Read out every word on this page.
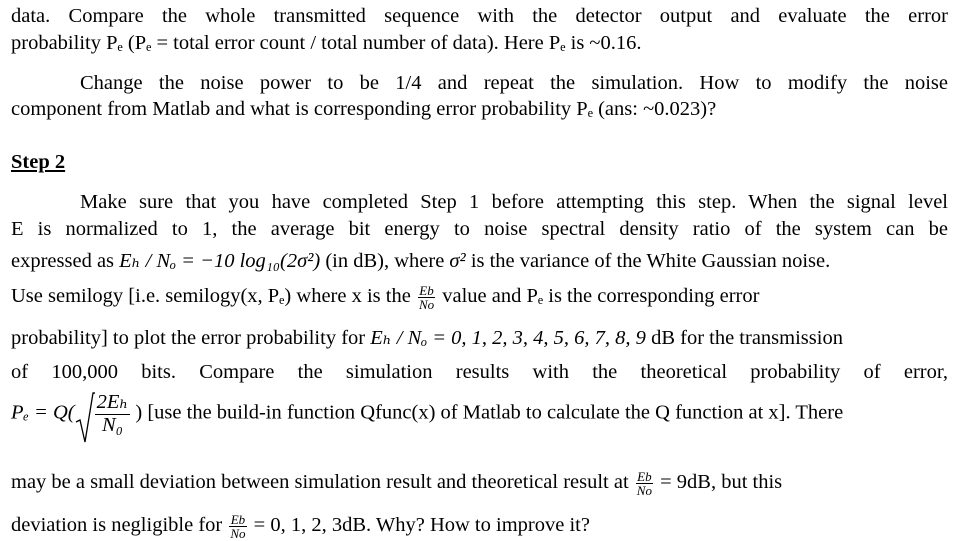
data. Compare the whole transmitted sequence with the detector output and evaluate the error
probability Pₑ (Pₑ = total error count / total number of data). Here Pₑ is ~0.16.
Change the noise power to be 1/4 and repeat the simulation. How to modify the noise
component from Matlab and what is corresponding error probability Pₑ (ans: ~0.023)?
Step 2
Make sure that you have completed Step 1 before attempting this step. When the signal level
E is normalized to 1, the average bit energy to noise spectral density ratio of the system can be
expressed as Eₕ / Nₒ = −10 log₁₀(2σ²) (in dB), where σ² is the variance of the White Gaussian noise.
Use semilogy [i.e. semilogy(x, Pₑ) where x is the $\frac{Eb}{No}$ value and Pₑ is the corresponding error
probability] to plot the error probability for Eₕ / Nₒ = 0, 1, 2, 3, 4, 5, 6, 7, 8, 9 dB for the transmission
of 100,000 bits. Compare the simulation results with the theoretical probability of error,
$P_e = Q( \frac{\text{2Eₕ}}{\text{N₀}}$ ) [use the build-in function Qfunc(x) of Matlab to calculate the Q function at x]. There
may be a small deviation between simulation result and theoretical result at $\frac{Eb}{No} = 9dB$, but this
deviation is negligible for $\frac{Eb}{No} = 0$, 1, 2, 3dB. Why? How to improve it?
